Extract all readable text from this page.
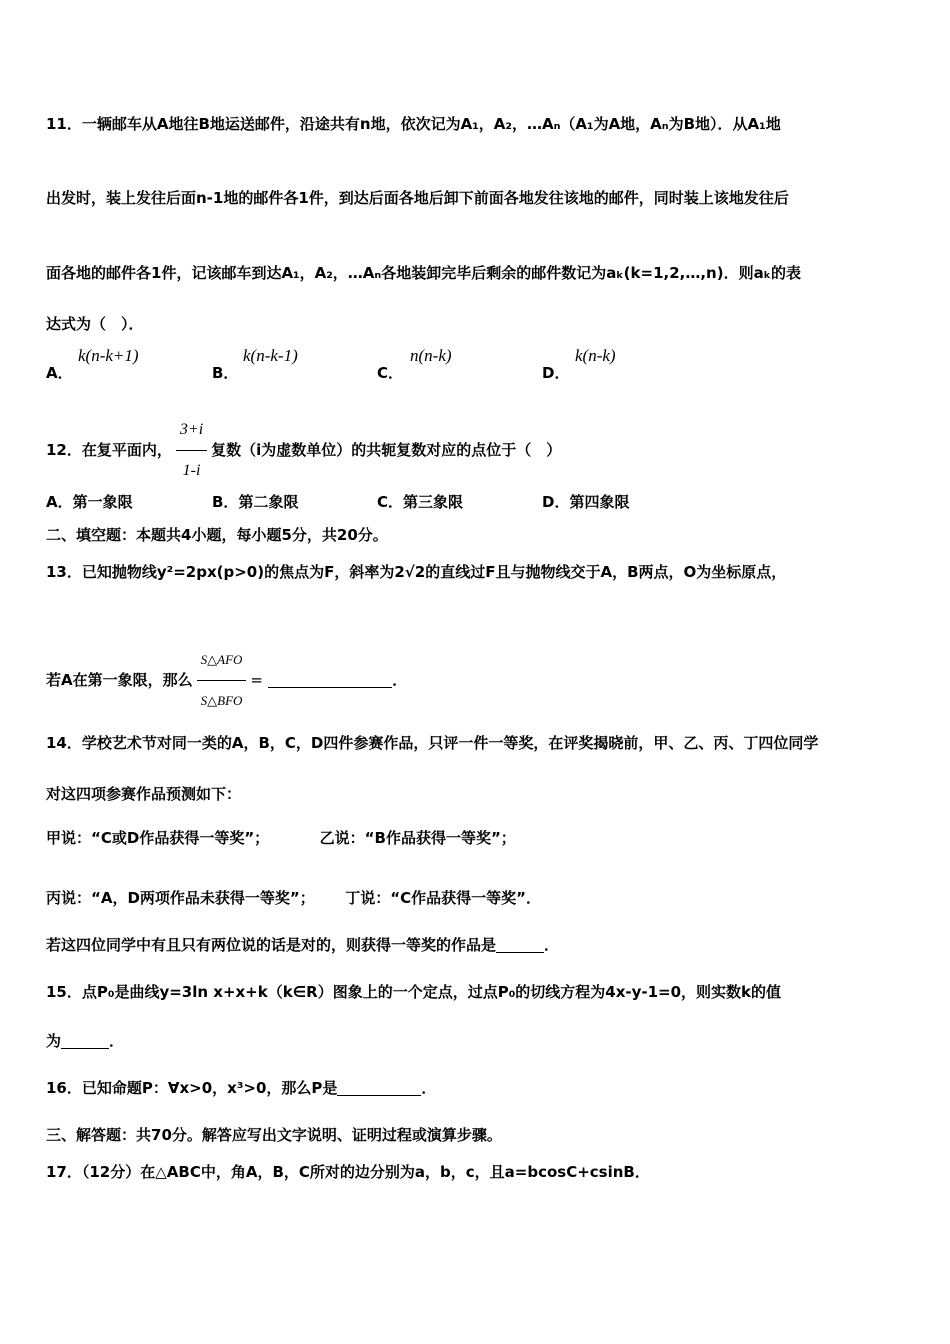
11．一辆邮车从A地往B地运送邮件，沿途共有n地，依次记为A₁，A₂，…Aₙ（A₁为A地，Aₙ为B地）．从A₁地
出发时，装上发往后面n-1地的邮件各1件，到达后面各地后卸下前面各地发往该地的邮件，同时装上该地发往后
面各地的邮件各1件，记该邮车到达A₁，A₂，…Aₙ各地装卸完毕后剩余的邮件数记为aₖ(k=1,2,…,n)．则aₖ的表
达式为（　）．
A．
k(n-k+1)
B．
k(n-k-1)
C．
n(n-k)
D．
k(n-k)
12．在复平面内， $\frac{3+i}{1-i}$ 复数（i为虚数单位）的共轭复数对应的点位于（　）
A．第一象限	B．第二象限	C．第三象限	D．第四象限
二、填空题：本题共4小题，每小题5分，共20分。
13．已知抛物线y²=2px(p>0)的焦点为F，斜率为2√2的直线过F且与抛物线交于A，B两点，O为坐标原点，
若A在第一象限，那么 $\frac{\text{S△AFO}}{\text{S△BFO}}$ =	．
14．学校艺术节对同一类的A，B，C，D四件参赛作品，只评一件一等奖，在评奖揭晓前，甲、乙、丙、丁四位同学
对这四项参赛作品预测如下：
甲说：“C或D作品获得一等奖”；	乙说：“B作品获得一等奖”；
丙说：“A，D两项作品未获得一等奖”； 丁说：“C作品获得一等奖”．
若这四位同学中有且只有两位说的话是对的，则获得一等奖的作品是	．
15．点P₀是曲线y=3ln x+x+k（k∈R）图象上的一个定点，过点P₀的切线方程为4x-y-1=0，则实数k的值
为	．
16．已知命题P：∀x>0，x³>0，那么P是	．
三、解答题：共70分。解答应写出文字说明、证明过程或演算步骤。
17．（12分）在△ABC中，角A，B，C所对的边分别为a，b，c，且a=bcosC+csinB．
